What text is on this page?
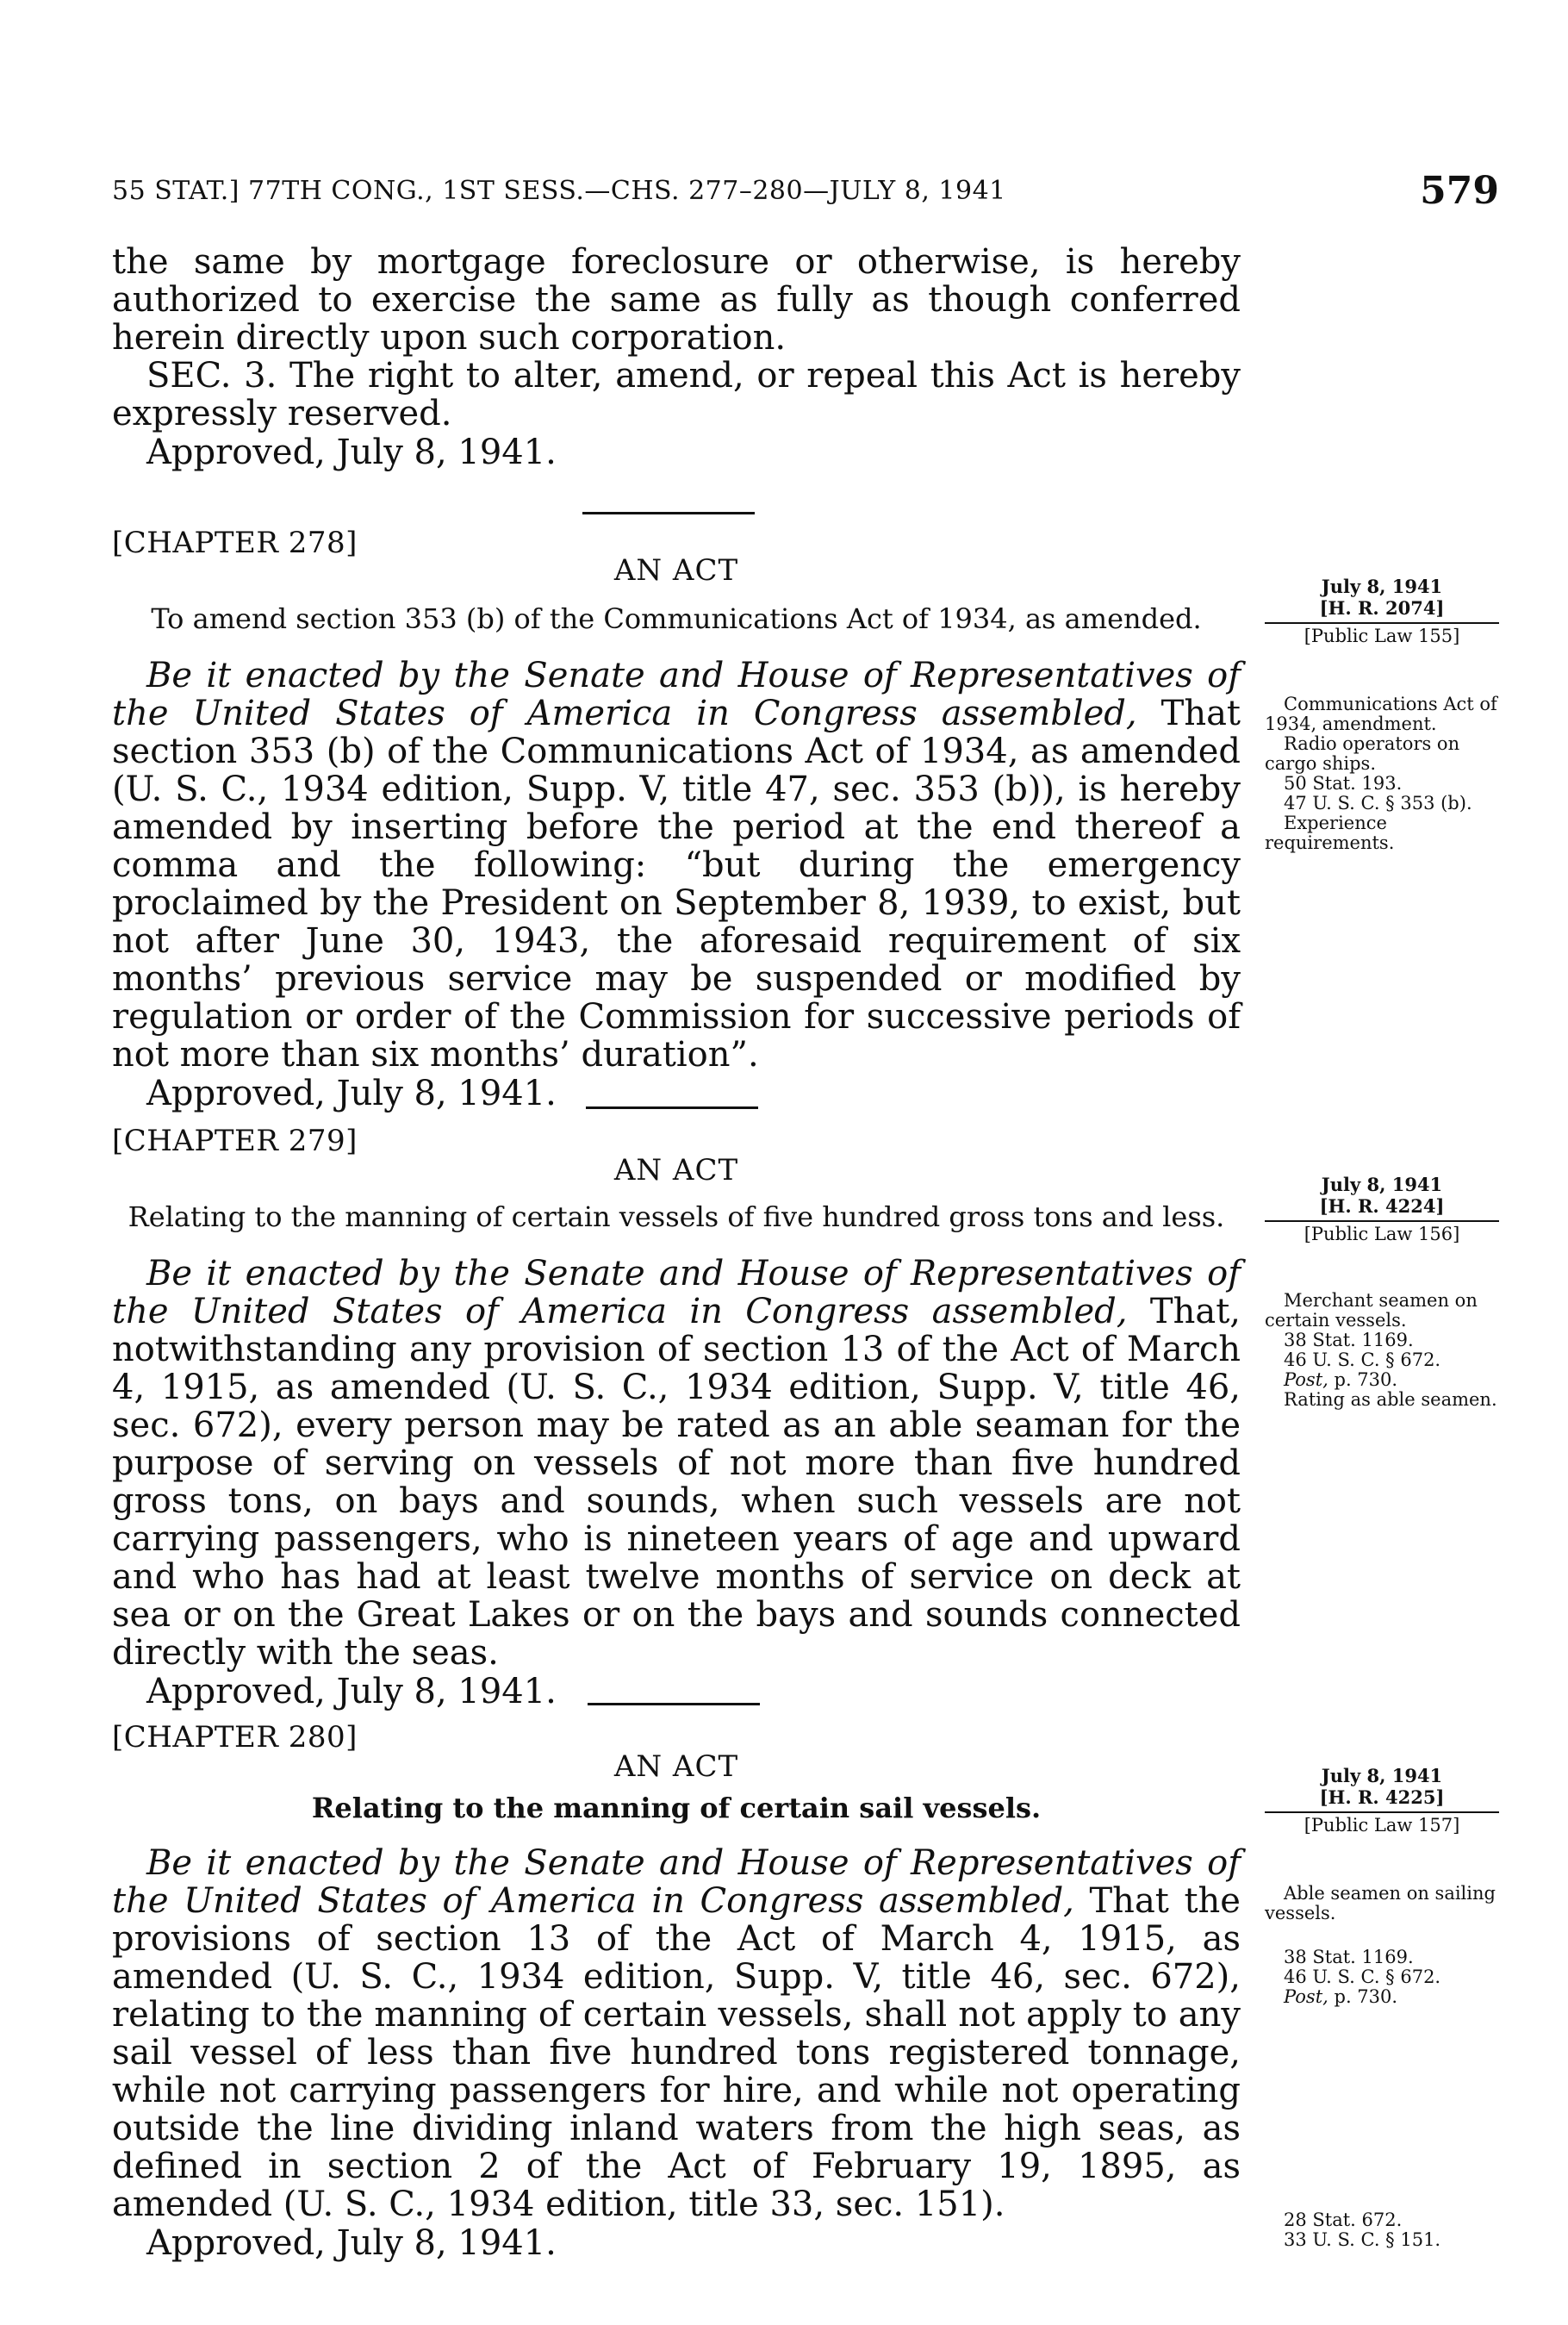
55 STAT.] 77TH CONG., 1ST SESS.—CHS. 277–280—JULY 8, 1941	579

the same by mortgage foreclosure or otherwise, is hereby authorized to exercise the same as fully as though conferred herein directly upon such corporation.

SEC. 3. The right to alter, amend, or repeal this Act is hereby expressly reserved.

Approved, July 8, 1941.

[CHAPTER 278]
AN ACT
To amend section 353 (b) of the Communications Act of 1934, as amended.
July 8, 1941
[H. R. 2074]
[Public Law 155]

Be it enacted by the Senate and House of Representatives of the United States of America in Congress assembled, That section 353 (b) of the Communications Act of 1934, as amended (U. S. C., 1934 edition, Supp. V, title 47, sec. 353 (b)), is hereby amended by inserting before the period at the end thereof a comma and the following: “but during the emergency proclaimed by the President on September 8, 1939, to exist, but not after June 30, 1943, the aforesaid requirement of six months’ previous service may be suspended or modified by regulation or order of the Commission for successive periods of not more than six months’ duration”.

Approved, July 8, 1941.

Communications Act of 1934, amendment.

Radio operators on cargo ships.

50 Stat. 193.

47 U. S. C. § 353 (b).

Experience requirements.

[CHAPTER 279]
AN ACT
Relating to the manning of certain vessels of five hundred gross tons and less.
July 8, 1941
[H. R. 4224]
[Public Law 156]

Be it enacted by the Senate and House of Representatives of the United States of America in Congress assembled, That, notwithstanding any provision of section 13 of the Act of March 4, 1915, as amended (U. S. C., 1934 edition, Supp. V, title 46, sec. 672), every person may be rated as an able seaman for the purpose of serving on vessels of not more than five hundred gross tons, on bays and sounds, when such vessels are not carrying passengers, who is nineteen years of age and upward and who has had at least twelve months of service on deck at sea or on the Great Lakes or on the bays and sounds connected directly with the seas.

Approved, July 8, 1941.

Merchant seamen on certain vessels.

38 Stat. 1169.

46 U. S. C. § 672.

Post, p. 730.

Rating as able seamen.

[CHAPTER 280]
AN ACT
Relating to the manning of certain sail vessels.
July 8, 1941
[H. R. 4225]
[Public Law 157]

Be it enacted by the Senate and House of Representatives of the United States of America in Congress assembled, That the provisions of section 13 of the Act of March 4, 1915, as amended (U. S. C., 1934 edition, Supp. V, title 46, sec. 672), relating to the manning of certain vessels, shall not apply to any sail vessel of less than five hundred tons registered tonnage, while not carrying passengers for hire, and while not operating outside the line dividing inland waters from the high seas, as defined in section 2 of the Act of February 19, 1895, as amended (U. S. C., 1934 edition, title 33, sec. 151).

Approved, July 8, 1941.

Able seamen on sailing vessels.

38 Stat. 1169.

46 U. S. C. § 672.

Post, p. 730.

28 Stat. 672.

33 U. S. C. § 151.
